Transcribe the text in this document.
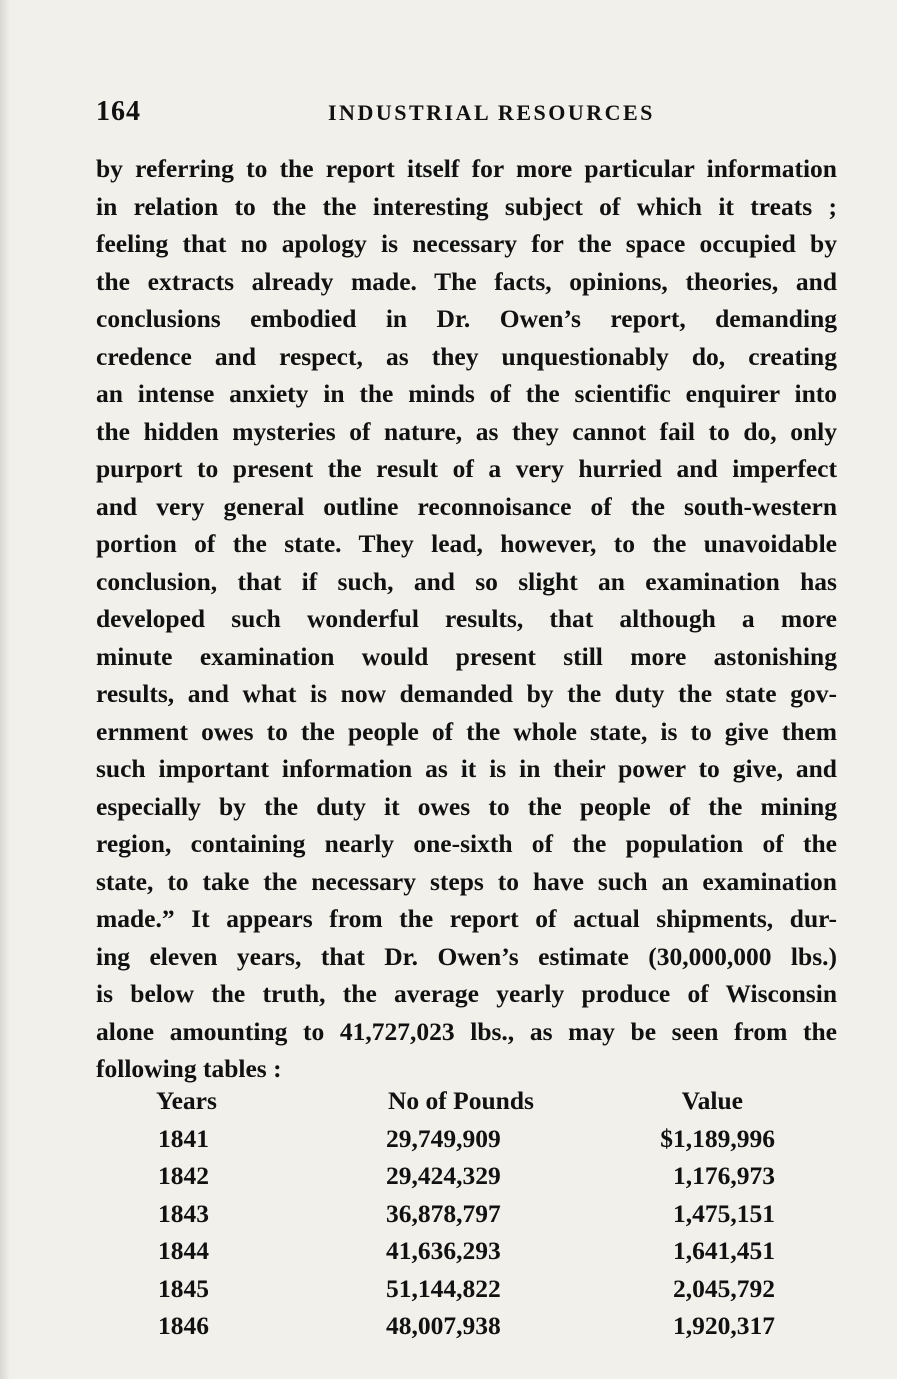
164	INDUSTRIAL RESOURCES
by referring to the report itself for more particular information
in relation to the the interesting subject of which it treats ;
feeling that no apology is necessary for the space occupied by
the extracts already made. The facts, opinions, theories, and
conclusions embodied in Dr. Owen’s report, demanding
credence and respect, as they unquestionably do, creating
an intense anxiety in the minds of the scientific enquirer into
the hidden mysteries of nature, as they cannot fail to do, only
purport to present the result of a very hurried and imperfect
and very general outline reconnoisance of the south-western
portion of the state. They lead, however, to the unavoidable
conclusion, that if such, and so slight an examination has
developed such wonderful results, that although a more
minute examination would present still more astonishing
results, and what is now demanded by the duty the state gov-
ernment owes to the people of the whole state, is to give them
such important information as it is in their power to give, and
especially by the duty it owes to the people of the mining
region, containing nearly one-sixth of the population of the
state, to take the necessary steps to have such an examination
made.” It appears from the report of actual shipments, dur-
ing eleven years, that Dr. Owen’s estimate (30,000,000 lbs.)
is below the truth, the average yearly produce of Wisconsin
alone amounting to 41,727,023 lbs., as may be seen from the
following tables :
Years	No of Pounds	Value
1841	29,749,909	$1,189,996
1842	29,424,329	1,176,973
1843	36,878,797	1,475,151
1844	41,636,293	1,641,451
1845	51,144,822	2,045,792
1846	48,007,938	1,920,317
